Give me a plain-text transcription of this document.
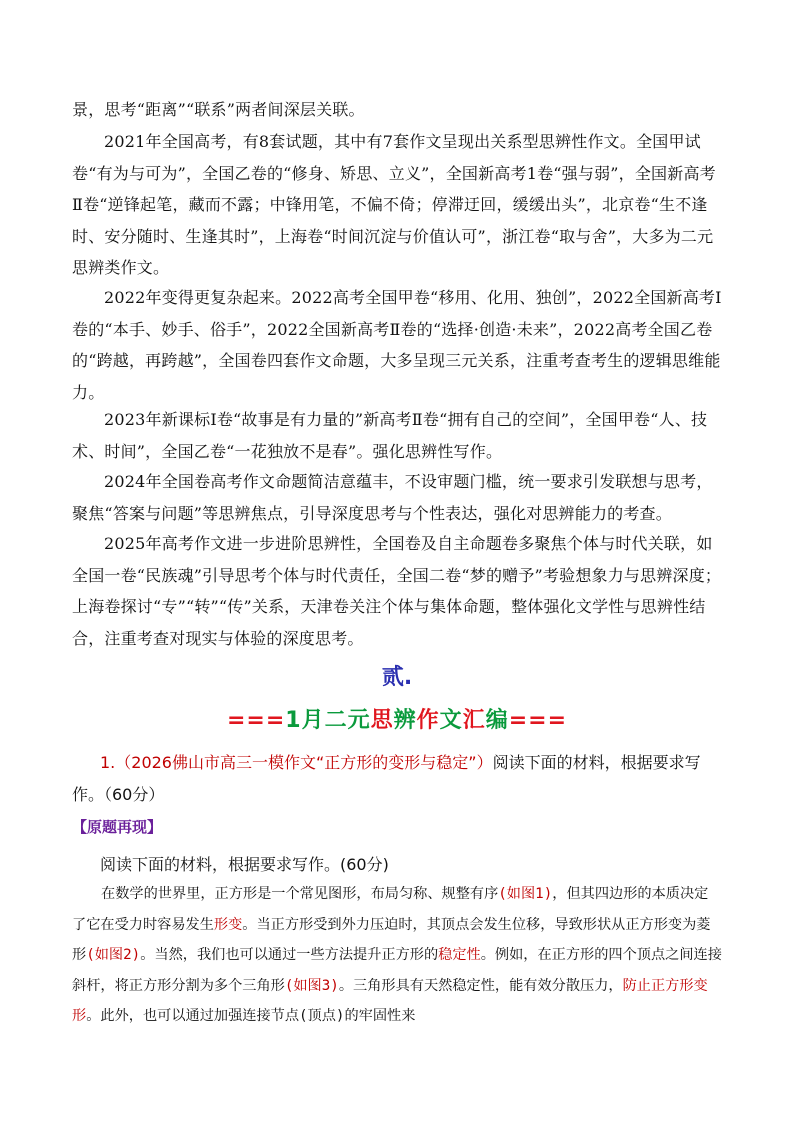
景，思考“距离”“联系”两者间深层关联。
2021年全国高考，有8套试题，其中有7套作文呈现出关系型思辨性作文。全国甲试卷“有为与可为”，全国乙卷的“修身、矫思、立义”，全国新高考1卷“强与弱”，全国新高考Ⅱ卷“逆锋起笔，藏而不露；中锋用笔，不偏不倚；停滞迂回，缓缓出头”，北京卷“生不逢时、安分随时、生逢其时”，上海卷“时间沉淀与价值认可”，浙江卷“取与舍”，大多为二元思辨类作文。
2022年变得更复杂起来。2022高考全国甲卷“移用、化用、独创”，2022全国新高考Ⅰ卷的“本手、妙手、俗手”，2022全国新高考Ⅱ卷的“选择·创造·未来”，2022高考全国乙卷的“跨越，再跨越”，全国卷四套作文命题，大多呈现三元关系，注重考查考生的逻辑思维能力。
2023年新课标Ⅰ卷“故事是有力量的”新高考Ⅱ卷“拥有自己的空间”，全国甲卷“人、技术、时间”，全国乙卷“一花独放不是春”。强化思辨性写作。
2024年全国卷高考作文命题简洁意蕴丰，不设审题门槛，统一要求引发联想与思考，聚焦“答案与问题”等思辨焦点，引导深度思考与个性表达，强化对思辨能力的考查。
2025年高考作文进一步进阶思辨性，全国卷及自主命题卷多聚焦个体与时代关联，如全国一卷“民族魂”引导思考个体与时代责任，全国二卷“梦的赠予”考验想象力与思辨深度；上海卷探讨“专”“转”“传”关系，天津卷关注个体与集体命题，整体强化文学性与思辨性结合，注重考查对现实与体验的深度思考。
贰.
===1月二元思辨作文汇编===
1.（2026佛山市高三一模作文“正方形的变形与稳定”）阅读下面的材料，根据要求写作。（60分）
【原题再现】
阅读下面的材料，根据要求写作。(60分)
在数学的世界里，正方形是一个常见图形，布局匀称、规整有序(如图1)，但其四边形的本质决定了它在受力时容易发生形变。当正方形受到外力压迫时，其顶点会发生位移，导致形状从正方形变为菱形(如图2)。当然，我们也可以通过一些方法提升正方形的稳定性。例如，在正方形的四个顶点之间连接斜杆，将正方形分割为多个三角形(如图3)。三角形具有天然稳定性，能有效分散压力，防止正方形变形。此外，也可以通过加强连接节点(顶点)的牢固性来
